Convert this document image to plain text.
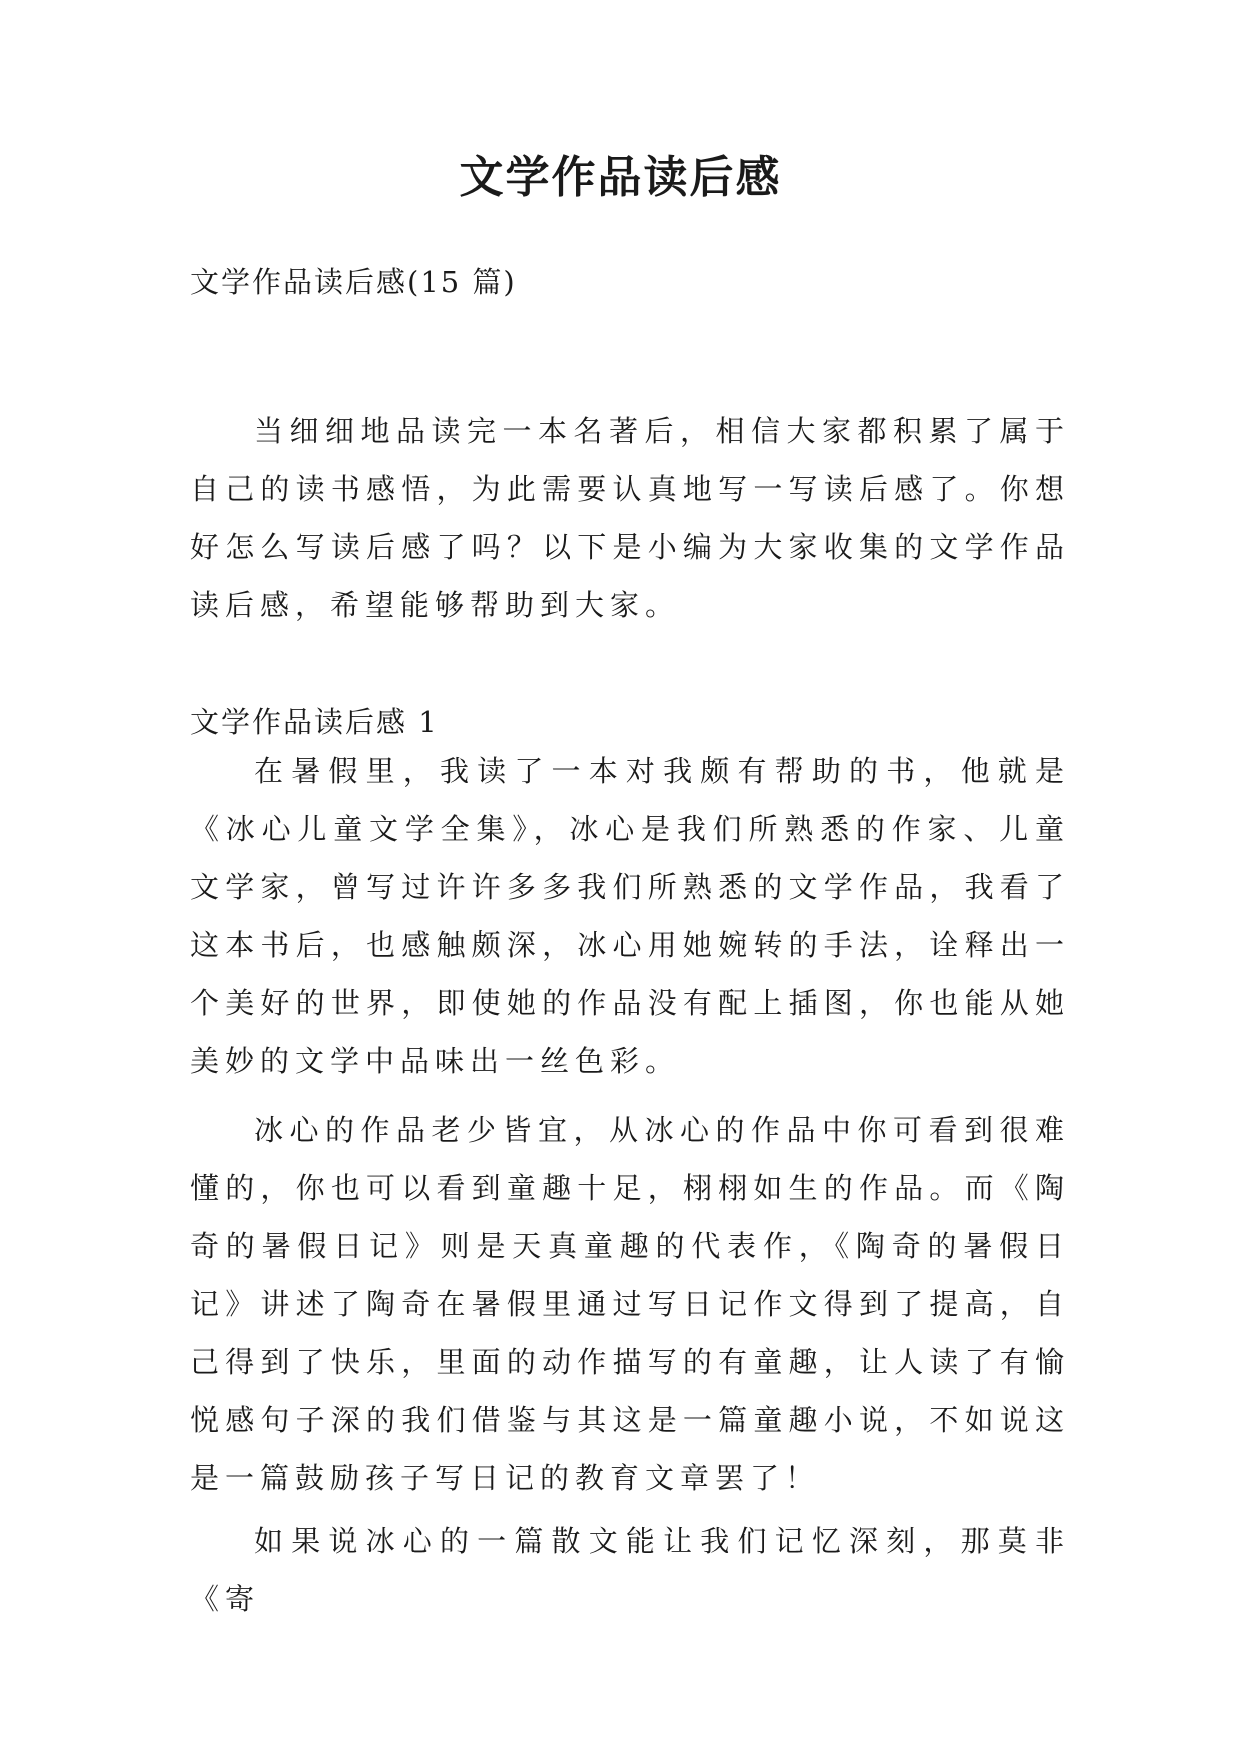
文学作品读后感
文学作品读后感(15 篇)

当细细地品读完一本名著后，相信大家都积累了属于自己的读书感悟，为此需要认真地写一写读后感了。你想好怎么写读后感了吗？以下是小编为大家收集的文学作品读后感，希望能够帮助到大家。

文学作品读后感 1

在暑假里，我读了一本对我颇有帮助的书，他就是《冰心儿童文学全集》，冰心是我们所熟悉的作家、儿童文学家，曾写过许许多多我们所熟悉的文学作品，我看了这本书后，也感触颇深，冰心用她婉转的手法，诠释出一个美好的世界，即使她的作品没有配上插图，你也能从她美妙的文学中品味出一丝色彩。

冰心的作品老少皆宜，从冰心的作品中你可看到很难懂的，你也可以看到童趣十足，栩栩如生的作品。而《陶奇的暑假日记》则是天真童趣的代表作，《陶奇的暑假日记》讲述了陶奇在暑假里通过写日记作文得到了提高，自己得到了快乐，里面的动作描写的有童趣，让人读了有愉悦感句子深的我们借鉴与其这是一篇童趣小说，不如说这是一篇鼓励孩子写日记的教育文章罢了！

如果说冰心的一篇散文能让我们记忆深刻，那莫非《寄
